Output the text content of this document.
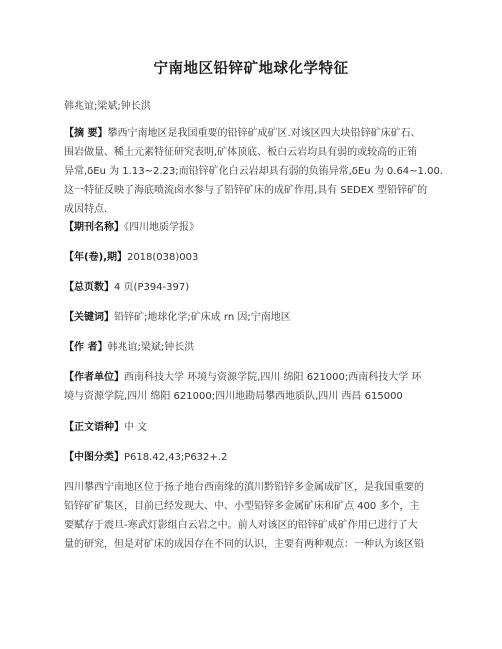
宁南地区铅锌矿地球化学特征
韩兆谊;梁斌;钟长洪
【摘 要】攀西宁南地区是我国重要的铅锌矿成矿区.对该区四大块铅锌矿床矿石、
围岩做量、稀土元素特征研究表明,矿体顶底、板白云岩均具有弱的或较高的正铕
异常,δEu 为 1.13~2.23;而铅锌矿化白云岩却具有弱的负铕异常,δEu 为 0.64~1.00.
这一特征反映了海底喷流卤水参与了铅锌矿床的成矿作用,具有 SEDEX 型铅锌矿的
成因特点.
【期刊名称】《四川地质学报》
【年(卷),期】2018(038)003
【总页数】4 页(P394-397)
【关键词】铅锌矿;地球化学;矿床成 rn 因;宁南地区
【作 者】韩兆谊;梁斌;钟长洪
【作者单位】西南科技大学 环境与资源学院,四川 绵阳 621000;西南科技大学 环
境与资源学院,四川 绵阳 621000;四川地勘局攀西地质队,四川 西昌 615000
【正文语种】中 文
【中图分类】P618.42,43;P632+.2
四川攀西宁南地区位于扬子地台西南缘的滇川黔铅锌多金属成矿区，是我国重要的
铅锌矿矿集区，目前已经发现大、中、小型铅锌多金属矿床和矿点 400 多个，主
要赋存于震旦-寒武灯影组白云岩之中。前人对该区的铅锌矿成矿作用已进行了大
量的研究，但是对矿床的成因存在不同的认识，主要有两种观点：一种认为该区铅
